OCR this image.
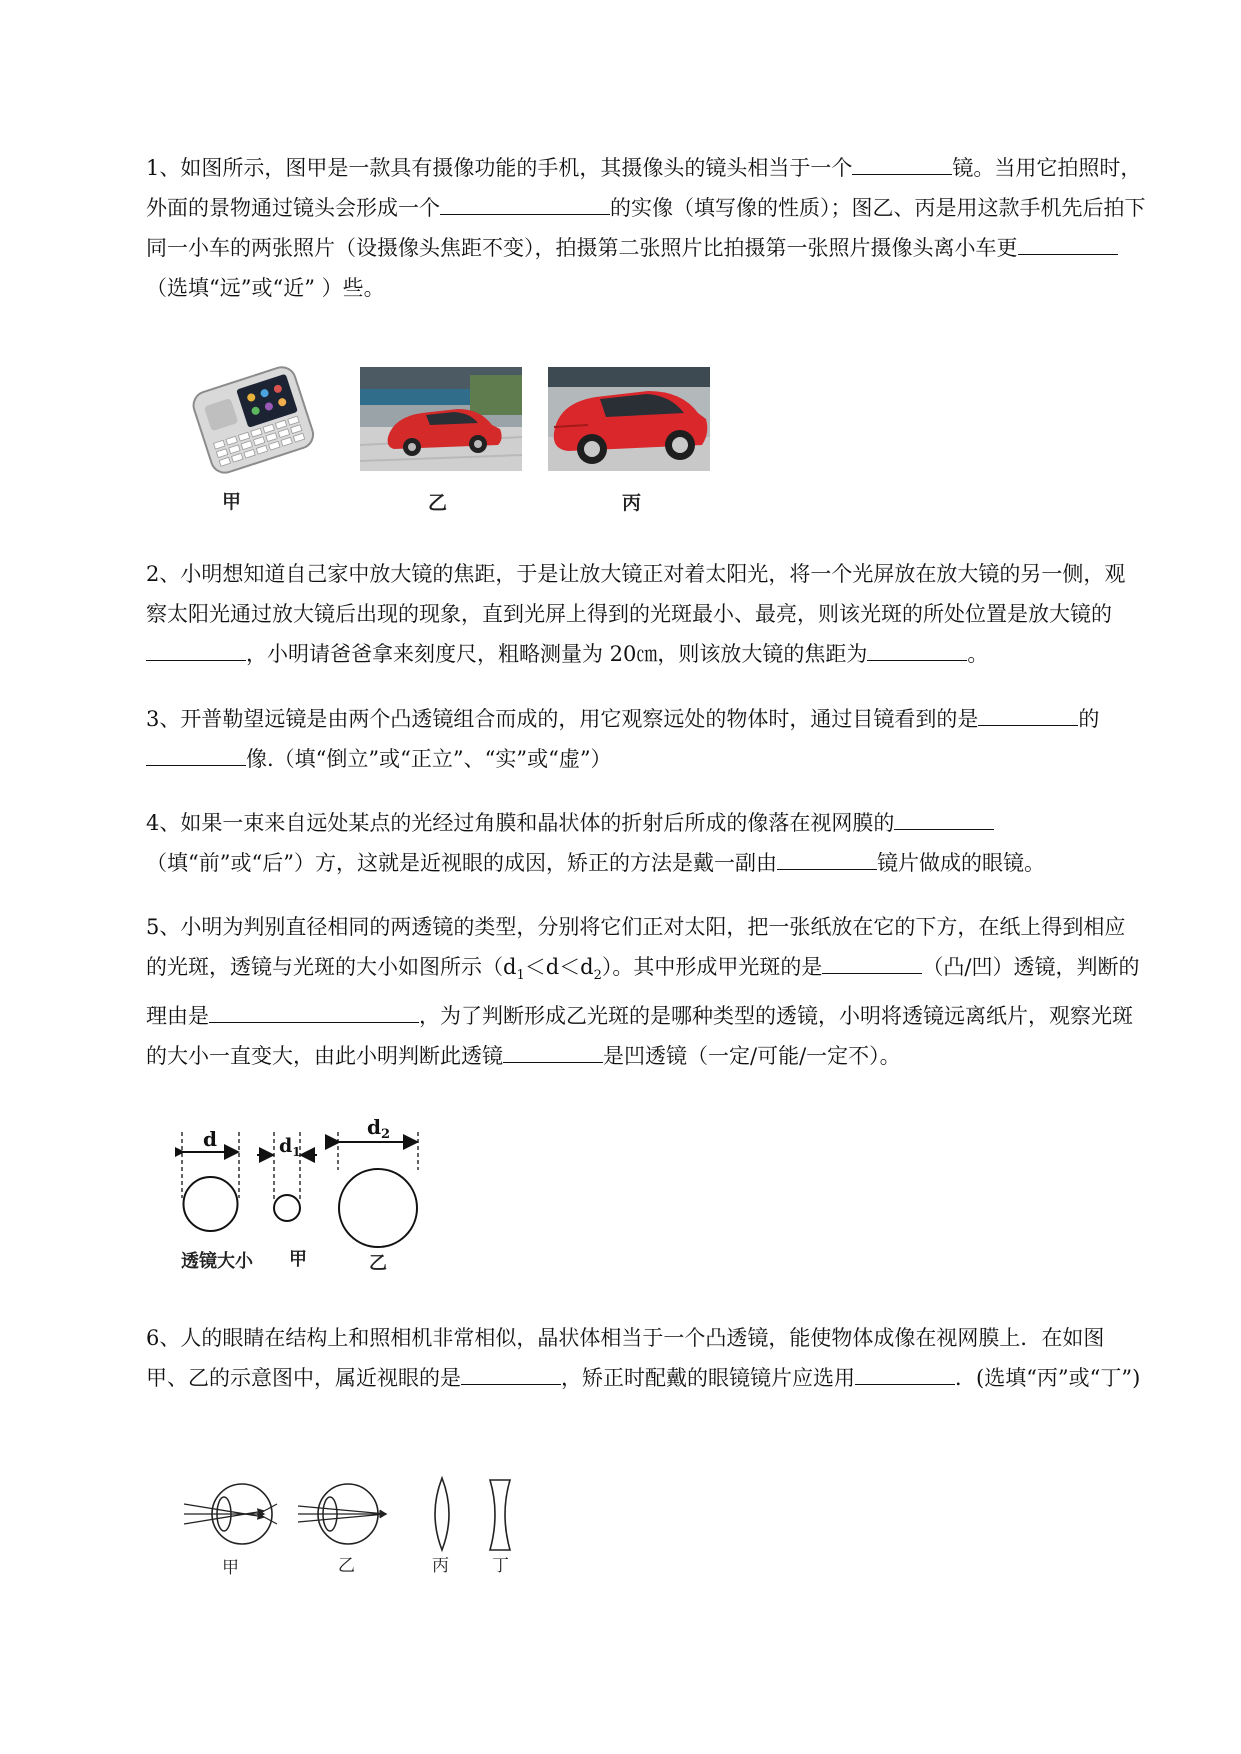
1、如图所示，图甲是一款具有摄像功能的手机，其摄像头的镜头相当于一个	镜。当用它拍照时，外面的景物通过镜头会形成一个	的实像（填写像的性质）；图乙、丙是用这款手机先后拍下同一小车的两张照片（设摄像头焦距不变），拍摄第二张照片比拍摄第一张照片摄像头离小车更（选填“远”或“近” ）些。

甲	乙	丙

2、小明想知道自己家中放大镜的焦距，于是让放大镜正对着太阳光，将一个光屏放在放大镜的另一侧，观察太阳光通过放大镜后出现的现象，直到光屏上得到的光斑最小、最亮，则该光斑的所处位置是放大镜的，小明请爸爸拿来刻度尺，粗略测量为 20㎝，则该放大镜的焦距为	。

3、开普勒望远镜是由两个凸透镜组合而成的，用它观察远处的物体时，通过目镜看到的是	的像.（填“倒立”或“正立”、“实”或“虚”）

4、如果一束来自远处某点的光经过角膜和晶状体的折射后所成的像落在视网膜的（填“前”或“后”）方，这就是近视眼的成因，矫正的方法是戴一副由	镜片做成的眼镜。

5、小明为判别直径相同的两透镜的类型，分别将它们正对太阳，把一张纸放在它的下方，在纸上得到相应的光斑，透镜与光斑的大小如图所示$(d_1<d<d_2)$。其中形成甲光斑的是	（凸/凹）透镜，判断的理由是	，为了判断形成乙光斑的是哪种类型的透镜，小明将透镜远离纸片，观察光斑的大小一直变大，由此小明判断此透镜	是凹透镜（一定/可能/一定不）。

d	$d_1$
$d_2$
透镜大小 甲	乙

6、人的眼睛在结构上和照相机非常相似，晶状体相当于一个凸透镜，能使物体成像在视网膜上．在如图甲、乙的示意图中，属近视眼的是	，矫正时配戴的眼镜镜片应选用	．(选填“丙”或“丁”)

甲	乙	丙	丁
